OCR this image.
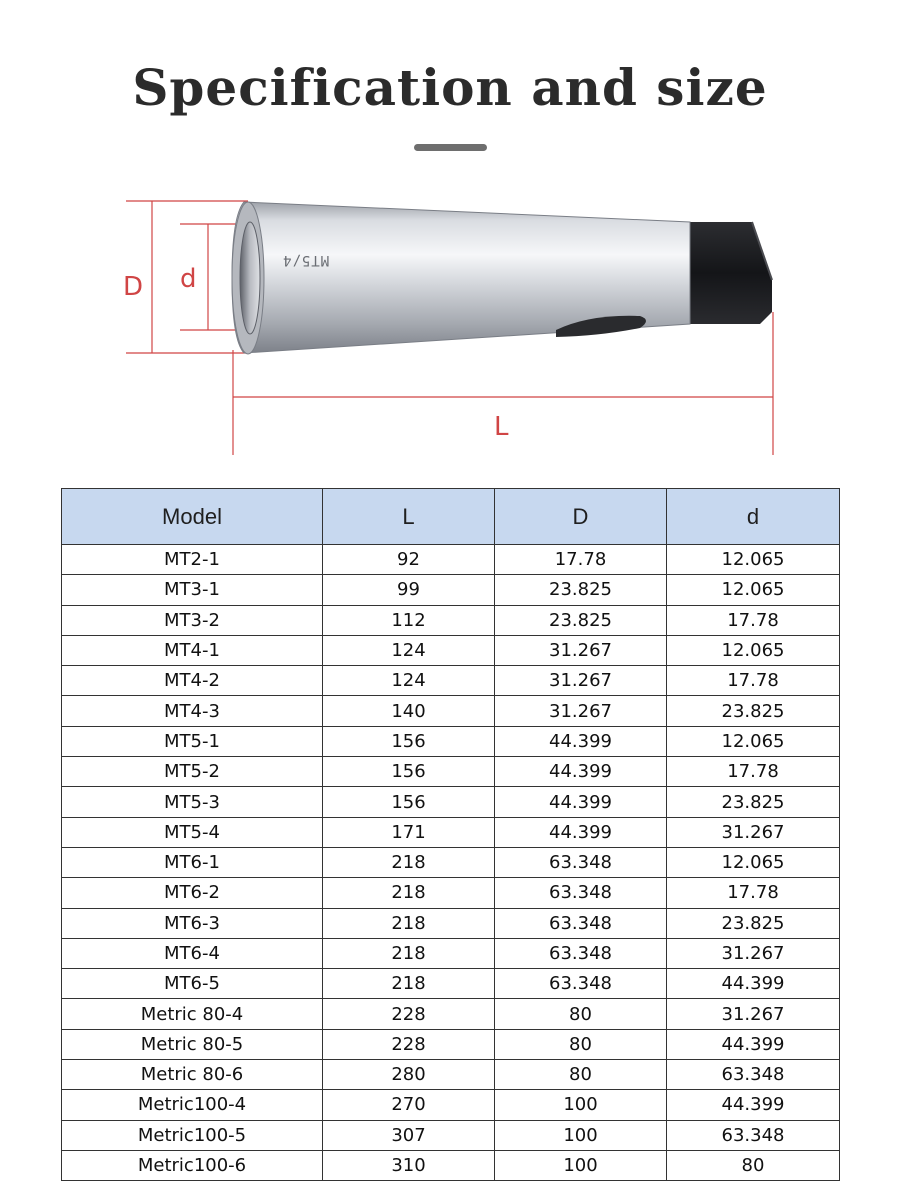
Specification and size
D d
L
MT5/4
Model	L	D	d
MT2-1	92	17.78	12.065
MT3-1	99	23.825	12.065
MT3-2	112	23.825	17.78
MT4-1	124	31.267	12.065
MT4-2	124	31.267	17.78
MT4-3	140	31.267	23.825
MT5-1	156	44.399	12.065
MT5-2	156	44.399	17.78
MT5-3	156	44.399	23.825
MT5-4	171	44.399	31.267
MT6-1	218	63.348	12.065
MT6-2	218	63.348	17.78
MT6-3	218	63.348	23.825
MT6-4	218	63.348	31.267
MT6-5	218	63.348	44.399
Metric 80-4	228	80	31.267
Metric 80-5	228	80	44.399
Metric 80-6	280	80	63.348
Metric100-4	270	100	44.399
Metric100-5	307	100	63.348
Metric100-6	310	100	80
